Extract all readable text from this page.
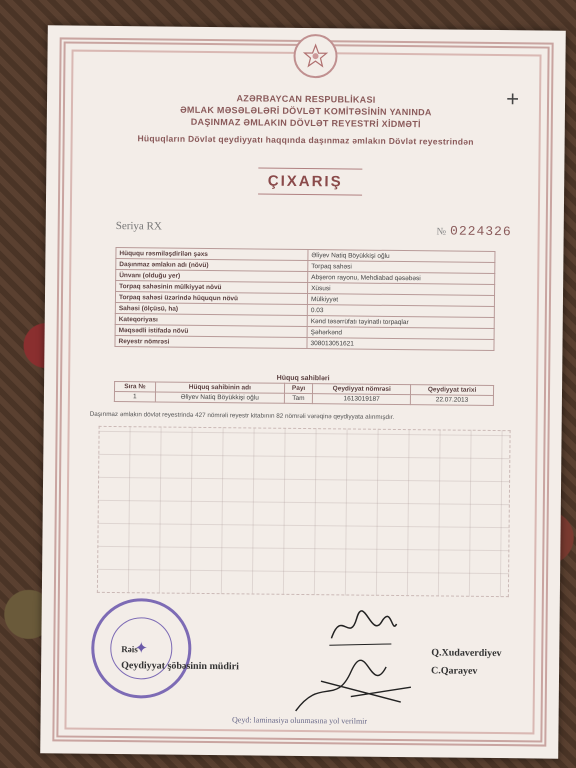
+
AZƏRBAYCAN RESPUBLİKASI
ƏMLAK MƏSƏLƏLƏRİ DÖVLƏT KOMİTƏSİNİN YANINDA
DAŞINMAZ ƏMLAKIN DÖVLƏT REYESTRİ XİDMƏTİ
Hüquqların Dövlət qeydiyyatı haqqında daşınmaz əmlakın Dövlət reyestrindən
ÇIXARIŞ
Seriya RX	№ 0224326
Hüququ rəsmiləşdirilən şəxs	Əliyev Natiq Böyükkişi oğlu
Daşınmaz əmlakın adı (növü)	Torpaq sahəsi
Ünvanı (olduğu yer)	Abşeron rayonu, Mehdiabad qəsəbəsi
Torpaq sahəsinin mülkiyyət növü	Xüsusi
Torpaq sahəsi üzərində hüququn növü	Mülkiyyət
Sahəsi (ölçüsü, ha)	0.03
Kateqoriyası	Kənd təsərrüfatı təyinatlı torpaqlar
Məqsədli istifadə növü	Şəhərkənd
Reyestr nömrəsi	308013051621
Hüquq sahibləri
Sıra №	Hüquq sahibinin adı	Payı	Qeydiyyat nömrəsi	Qeydiyyat tarixi
1	Əliyev Natiq Böyükkişi oğlu	Tam	1613019187	22.07.2013
Daşınmaz əmlakın dövlət reyestrində 427 nömrəli reyestr kitabının 82 nömrəli vərəqinə qeydiyyata alınmışdır.
✦
Rəis
Qeydiyyat şöbəsinin müdiri
Q.Xudaverdiyev
C.Qarayev
Qeyd: laminasiya olunmasına yol verilmir
